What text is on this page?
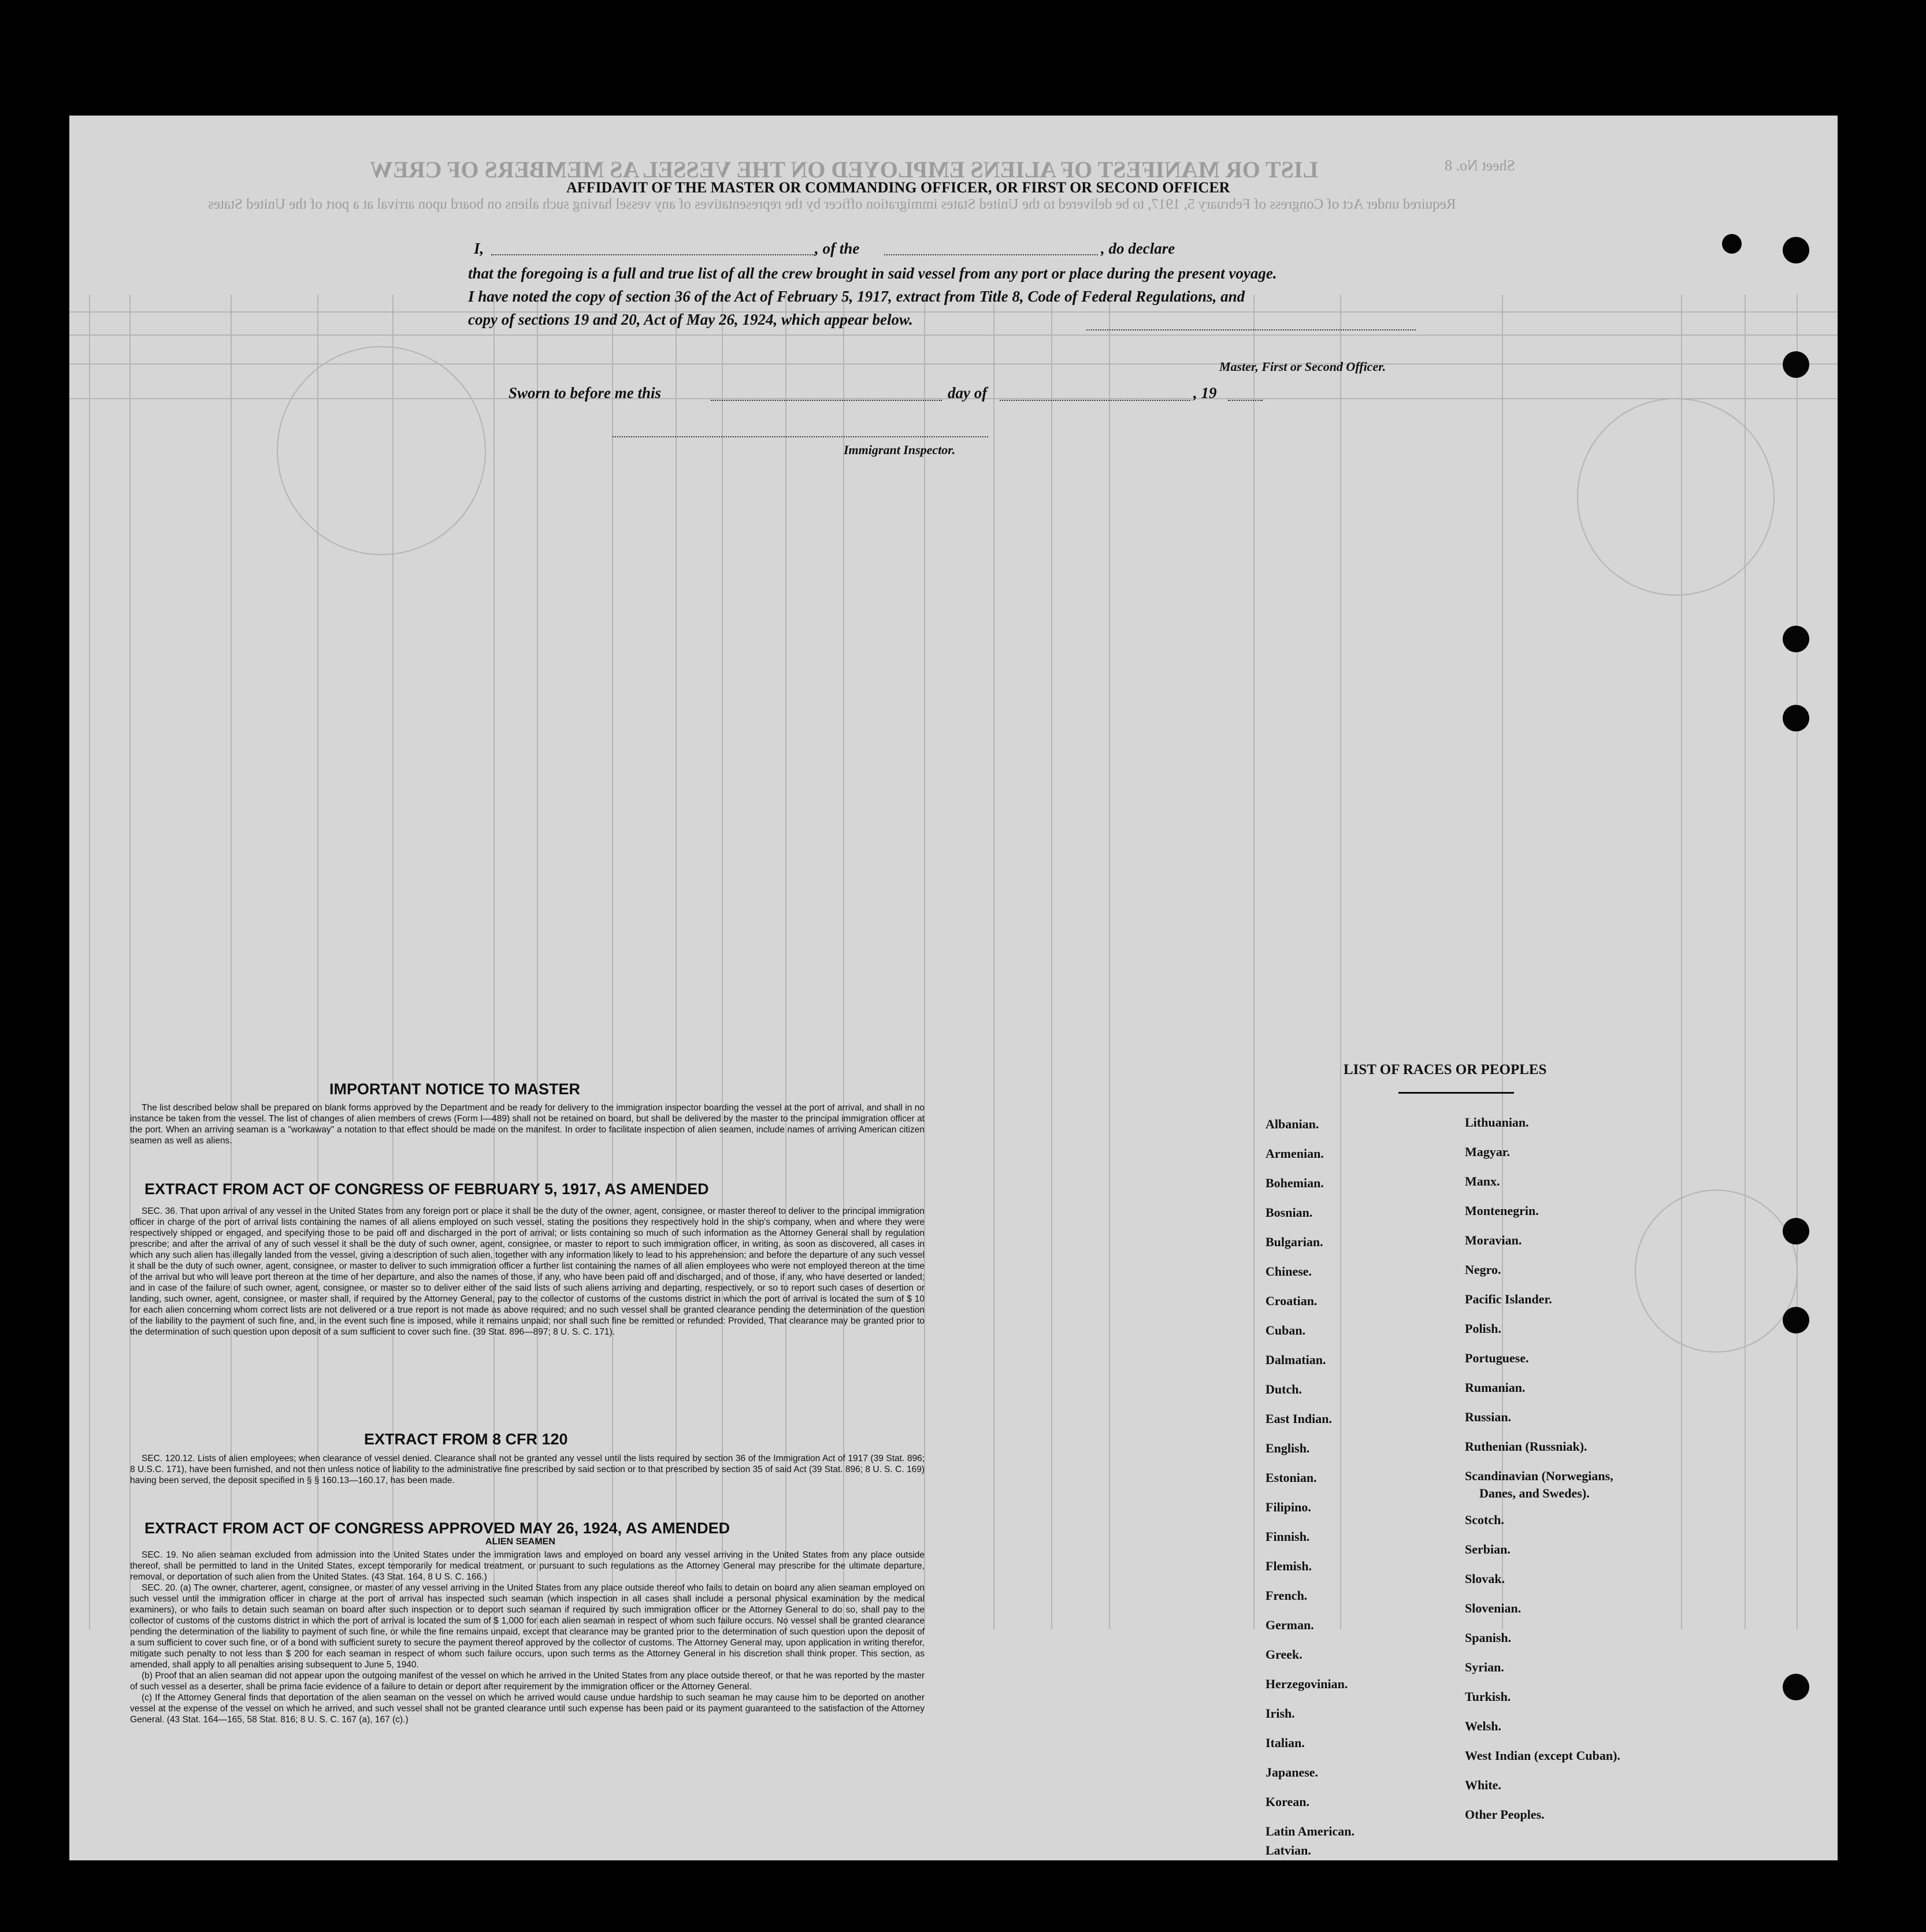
LIST OR MANIFEST OF ALIENS EMPLOYED ON THE VESSEL AS MEMBERS OF CREW
Required under Act of Congress of February 5, 1917, to be delivered to the United States immigration officer by the representatives of any vessel having such aliens on board upon arrival at a port of the United States
Sheet No. 8
AFFIDAVIT OF THE MASTER OR COMMANDING OFFICER, OR FIRST OR SECOND OFFICER
I,	, of the	, do declare
that the foregoing is a full and true list of all the crew brought in said vessel from any port or place during the present voyage.
I have noted the copy of section 36 of the Act of February 5, 1917, extract from Title 8, Code of Federal Regulations, and
copy of sections 19 and 20, Act of May 26, 1924, which appear below.
Master, First or Second Officer.
Sworn to before me this	day of	, 19
Immigrant Inspector.
IMPORTANT NOTICE TO MASTER

The list described below shall be prepared on blank forms approved by the Department and be ready for delivery to the immigration inspector boarding the vessel at the port of arrival, and shall in no instance be taken from the vessel. The list of changes of alien members of crews (Form I—489) shall not be retained on board, but shall be delivered by the master to the principal immigration officer at the port. When an arriving seaman is a "workaway" a notation to that effect should be made on the manifest. In order to facilitate inspection of alien seamen, include names of arriving American citizen seamen as well as aliens.

EXTRACT FROM ACT OF CONGRESS OF FEBRUARY 5, 1917, AS AMENDED

SEC. 36. That upon arrival of any vessel in the United States from any foreign port or place it shall be the duty of the owner, agent, consignee, or master thereof to deliver to the principal immigration officer in charge of the port of arrival lists containing the names of all aliens employed on such vessel, stating the positions they respectively hold in the ship's company, when and where they were respectively shipped or engaged, and specifying those to be paid off and discharged in the port of arrival; or lists containing so much of such information as the Attorney General shall by regulation prescribe; and after the arrival of any of such vessel it shall be the duty of such owner, agent, consignee, or master to report to such immigration officer, in writing, as soon as discovered, all cases in which any such alien has illegally landed from the vessel, giving a description of such alien, together with any information likely to lead to his apprehension; and before the departure of any such vessel it shall be the duty of such owner, agent, consignee, or master to deliver to such immigration officer a further list containing the names of all alien employees who were not employed thereon at the time of the arrival but who will leave port thereon at the time of her departure, and also the names of those, if any, who have been paid off and discharged, and of those, if any, who have deserted or landed; and in case of the failure of such owner, agent, consignee, or master so to deliver either of the said lists of such aliens arriving and departing, respectively, or so to report such cases of desertion or landing, such owner, agent, consignee, or master shall, if required by the Attorney General, pay to the collector of customs of the customs district in which the port of arrival is located the sum of $ 10 for each alien concerning whom correct lists are not delivered or a true report is not made as above required; and no such vessel shall be granted clearance pending the determination of the question of the liability to the payment of such fine, and, in the event such fine is imposed, while it remains unpaid; nor shall such fine be remitted or refunded: Provided, That clearance may be granted prior to the determination of such question upon deposit of a sum sufficient to cover such fine. (39 Stat. 896—897; 8 U. S. C. 171).

EXTRACT FROM 8 CFR 120

SEC. 120.12. Lists of alien employees; when clearance of vessel denied. Clearance shall not be granted any vessel until the lists required by section 36 of the Immigration Act of 1917 (39 Stat. 896; 8 U.S.C. 171), have been furnished, and not then unless notice of liability to the administrative fine prescribed by said section or to that prescribed by section 35 of said Act (39 Stat. 896; 8 U. S. C. 169) having been served, the deposit specified in § § 160.13—160.17, has been made.

EXTRACT FROM ACT OF CONGRESS APPROVED MAY 26, 1924, AS AMENDED
ALIEN SEAMEN

SEC. 19. No alien seaman excluded from admission into the United States under the immigration laws and employed on board any vessel arriving in the United States from any place outside thereof, shall be permitted to land in the United States, except temporarily for medical treatment, or pursuant to such regulations as the Attorney General may prescribe for the ultimate departure, removal, or deportation of such alien from the United States. (43 Stat. 164, 8 U S. C. 166.)

SEC. 20. (a) The owner, charterer, agent, consignee, or master of any vessel arriving in the United States from any place outside thereof who fails to detain on board any alien seaman employed on such vessel until the immigration officer in charge at the port of arrival has inspected such seaman (which inspection in all cases shall include a personal physical examination by the medical examiners), or who fails to detain such seaman on board after such inspection or to deport such seaman if required by such immigration officer or the Attorney General to do so, shall pay to the collector of customs of the customs district in which the port of arrival is located the sum of $ 1,000 for each alien seaman in respect of whom such failure occurs. No vessel shall be granted clearance pending the determination of the liability to payment of such fine, or while the fine remains unpaid, except that clearance may be granted prior to the determination of such question upon the deposit of a sum sufficient to cover such fine, or of a bond with sufficient surety to secure the payment thereof approved by the collector of customs. The Attorney General may, upon application in writing therefor, mitigate such penalty to not less than $ 200 for each seaman in respect of whom such failure occurs, upon such terms as the Attorney General in his discretion shall think proper. This section, as amended, shall apply to all penalties arising subsequent to June 5, 1940.

(b) Proof that an alien seaman did not appear upon the outgoing manifest of the vessel on which he arrived in the United States from any place outside thereof, or that he was reported by the master of such vessel as a deserter, shall be prima facie evidence of a failure to detain or deport after requirement by the immigration officer or the Attorney General.

(c) If the Attorney General finds that deportation of the alien seaman on the vessel on which he arrived would cause undue hardship to such seaman he may cause him to be deported on another vessel at the expense of the vessel on which he arrived, and such vessel shall not be granted clearance until such expense has been paid or its payment guaranteed to the satisfaction of the Attorney General. (43 Stat. 164—165, 58 Stat. 816; 8 U. S. C. 167 (a), 167 (c).)

LIST OF RACES OR PEOPLES
Albanian.
Armenian.
Bohemian.
Bosnian.
Bulgarian.
Chinese.
Croatian.
Cuban.
Dalmatian.
Dutch.
East Indian.
English.
Estonian.
Filipino.
Finnish.
Flemish.
French.
German.
Greek.
Herzegovinian.
Irish.
Italian.
Japanese.
Korean.
Latin American.
Latvian.
Lithuanian.
Magyar.
Manx.
Montenegrin.
Moravian.
Negro.
Pacific Islander.
Polish.
Portuguese.
Rumanian.
Russian.
Ruthenian (Russniak).
Scandinavian (Norwegians,
Danes, and Swedes).
Scotch.
Serbian.
Slovak.
Slovenian.
Spanish.
Syrian.
Turkish.
Welsh.
West Indian (except Cuban).
White.
Other Peoples.
